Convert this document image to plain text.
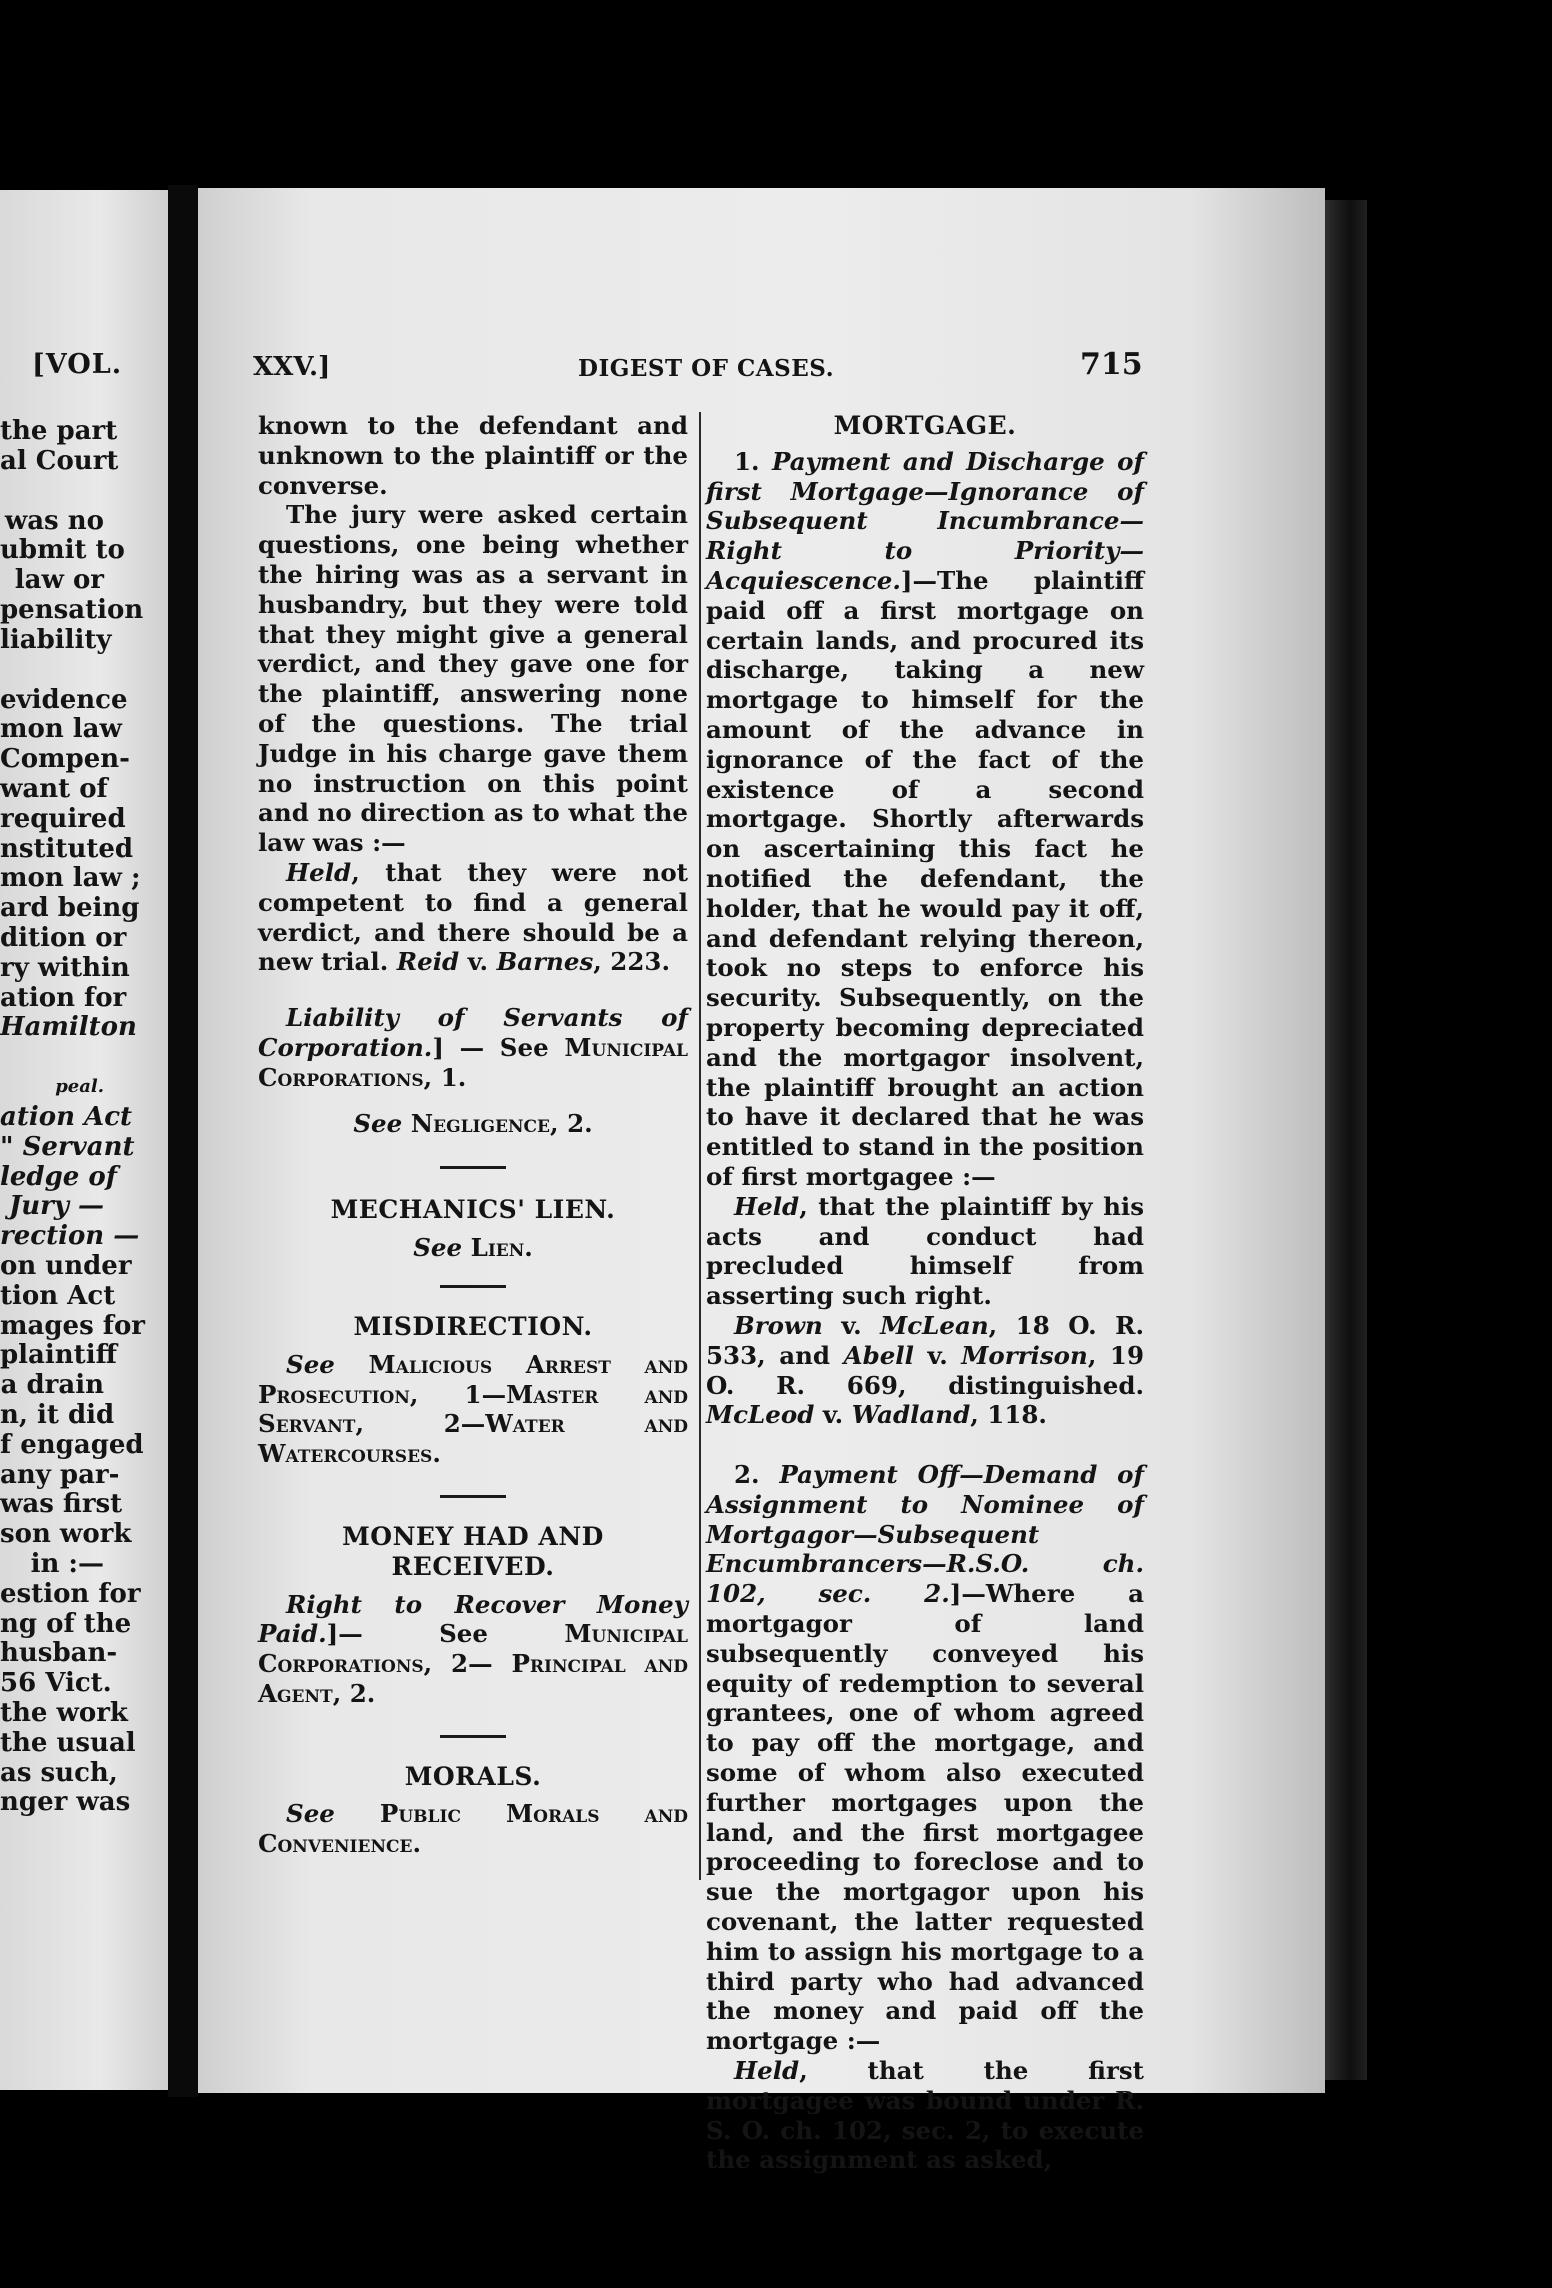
[VOL.
the part
al Court
was no
ubmit to
law or
pensation
liability
evidence
mon law
Compen-
want of
required
nstituted
mon law ;
ard being
dition or
ry within
ation for
Hamilton
peal.
ation Act
" Servant
ledge of
Jury —
rection —
on under
tion Act
mages for
plaintiff
a drain
n, it did
f engaged
any par-
was first
son work
in :—
estion for
ng of the
husban-
56 Vict.
the work
the usual
as such,
nger was
XXV.]	DIGEST OF CASES.	715

known to the defendant and unknown to the plaintiff or the converse.

The jury were asked certain questions, one being whether the hiring was as a servant in husbandry, but they were told that they might give a general verdict, and they gave one for the plaintiff, answering none of the questions. The trial Judge in his charge gave them no instruction on this point and no direction as to what the law was :—

Held, that they were not competent to find a general verdict, and there should be a new trial. Reid v. Barnes, 223.

Liability of Servants of Corporation.] — See Municipal Corporations, 1.

See Negligence, 2.

MECHANICS' LIEN.

See Lien.

MISDIRECTION.

See Malicious Arrest and Prosecution, 1—Master and Servant, 2—Water and Watercourses.

MONEY HAD AND RECEIVED.

Right to Recover Money Paid.]— See	Municipal Corporations, 2— Principal and Agent, 2.

MORALS.

See Public Morals and Convenience.

MORTGAGE.

1. Payment and Discharge of first Mortgage—Ignorance of Subsequent Incumbrance—Right to Priority—Acquiescence.]—The plaintiff paid off a first mortgage on certain lands, and procured its discharge, taking a new mortgage to himself for the amount of the advance in ignorance of the fact of the existence of a second mortgage. Shortly afterwards on ascertaining this fact he notified the defendant, the holder, that he would pay it off, and defendant relying thereon, took no steps to enforce his security. Subsequently, on the property becoming depreciated and the mortgagor insolvent, the plaintiff brought an action to have it declared that he was entitled to stand in the position of first mortgagee :—

Held, that the plaintiff by his acts and conduct had precluded himself from asserting such right.

Brown v. McLean, 18 O. R. 533, and Abell v. Morrison, 19 O. R. 669, distinguished. McLeod v. Wadland, 118.

2. Payment Off—Demand of Assignment to Nominee of Mortgagor—Subsequent Encumbrancers—R.S.O. ch. 102, sec. 2.]—Where a mortgagor of land subsequently conveyed his equity of redemption to several grantees, one of whom agreed to pay off the mortgage, and some of whom also executed further mortgages upon the land, and the first mortgagee proceeding to foreclose and to sue the mortgagor upon his covenant, the latter requested him to assign his mortgage to a third party who had advanced the money and paid off the mortgage :—

Held, that the first mortgagee was bound under R. S. O. ch. 102, sec. 2, to execute the assignment as asked,
